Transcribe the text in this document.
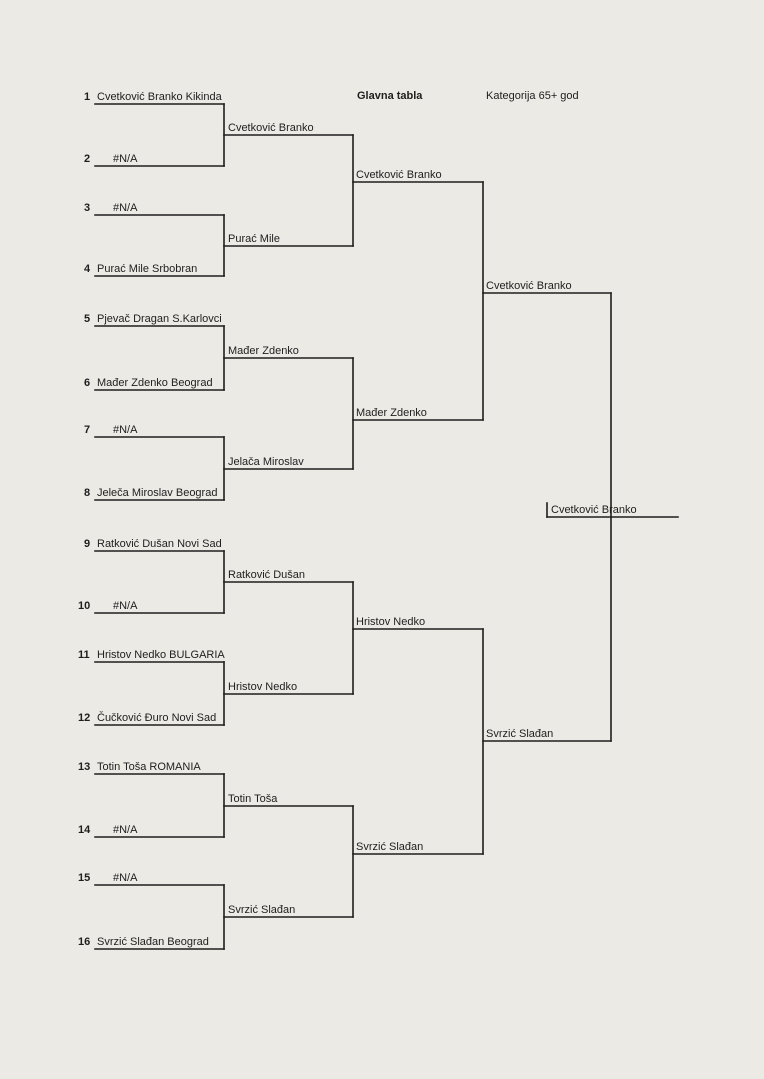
Glavna tabla	Kategorija 65+ god
1 Cvetković Branko Kikinda
2 #N/A
3 #N/A
4 Purać Mile Srbobran
5 Pjevač Dragan S.Karlovci
6 Mađer Zdenko Beograd
7 #N/A
8 Jeleča Miroslav Beograd
9 Ratković Dušan Novi Sad
10 #N/A
11 Hristov Nedko BULGARIA
12 Čučković Đuro Novi Sad
13 Totin Toša ROMANIA
14 #N/A
15 #N/A
16 Svrzić Slađan Beograd
Cvetković Branko
Purać Mile
Mađer Zdenko
Jelača Miroslav
Ratković Dušan
Hristov Nedko
Totin Toša
Svrzić Slađan
Cvetković Branko
Mađer Zdenko
Hristov Nedko
Svrzić Slađan
Cvetković Branko
Svrzić Slađan
Cvetković Branko
